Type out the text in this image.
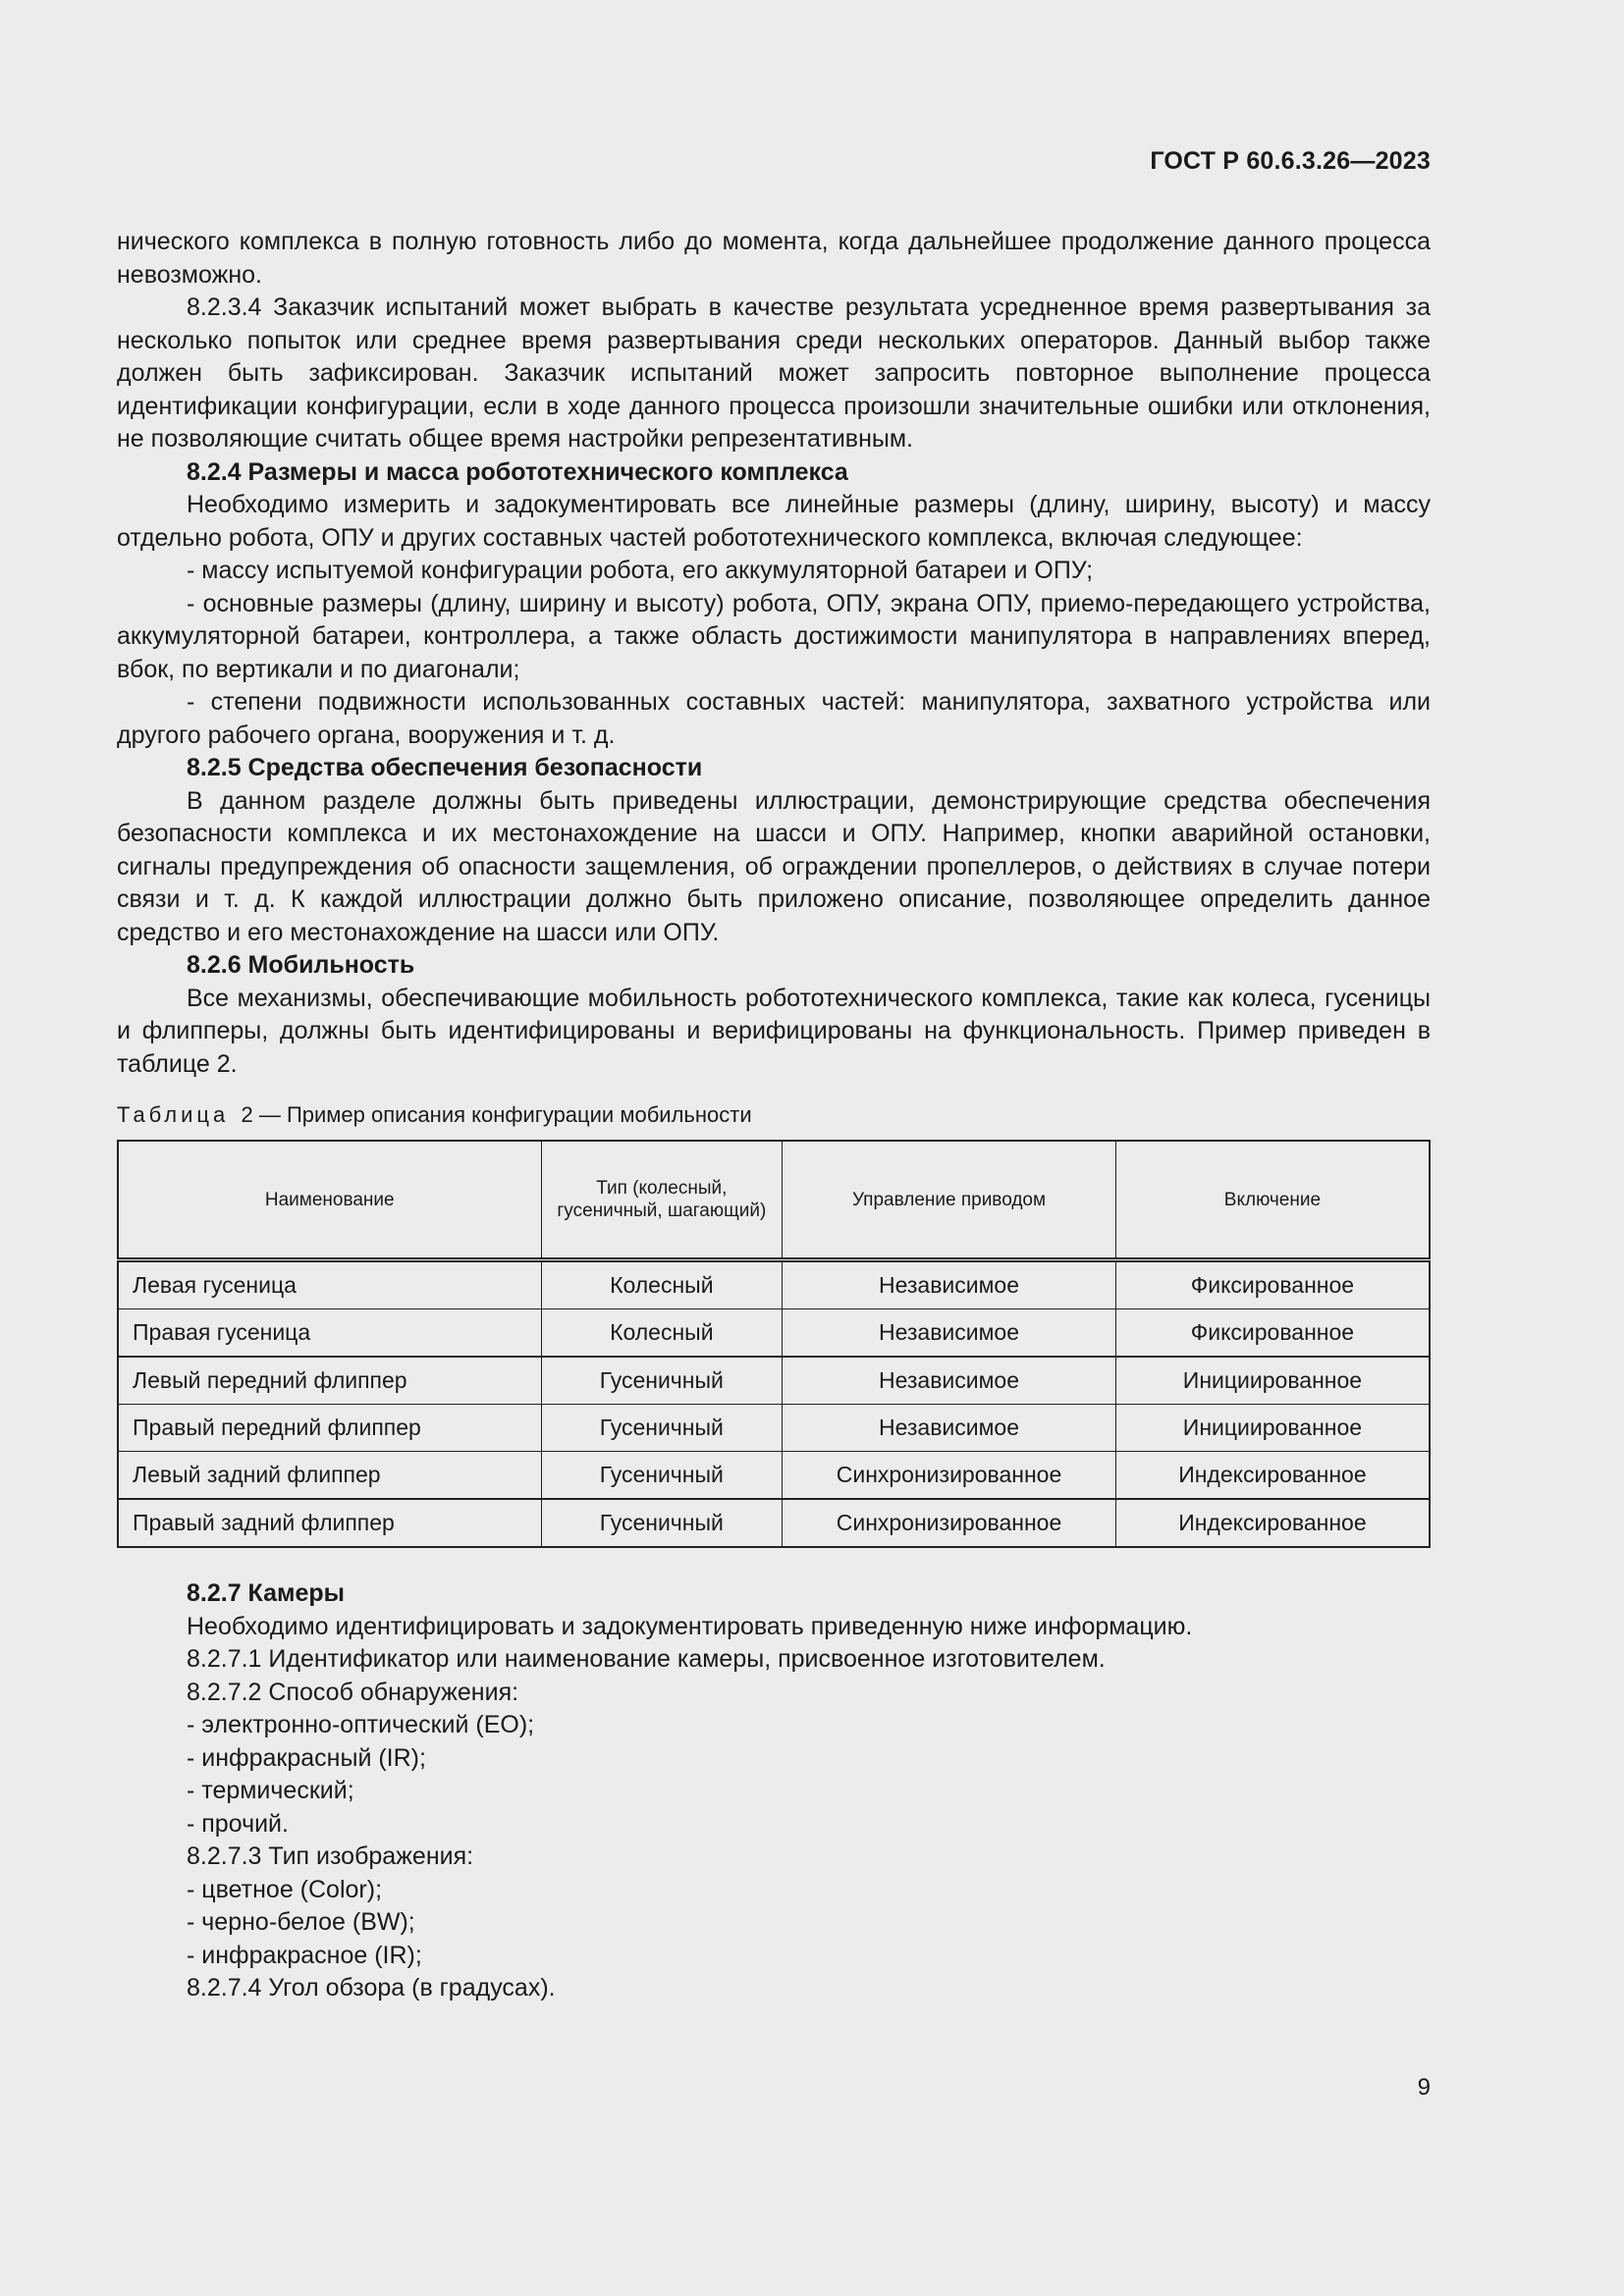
ГОСТ Р 60.6.3.26—2023

нического комплекса в полную готовность либо до момента, когда дальнейшее продолжение данного процесса невозможно.

8.2.3.4 Заказчик испытаний может выбрать в качестве результата усредненное время развертывания за несколько попыток или среднее время развертывания среди нескольких операторов. Данный выбор также должен быть зафиксирован. Заказчик испытаний может запросить повторное выполнение процесса идентификации конфигурации, если в ходе данного процесса произошли значительные ошибки или отклонения, не позволяющие считать общее время настройки репрезентативным.

8.2.4 Размеры и масса робототехнического комплекса

Необходимо измерить и задокументировать все линейные размеры (длину, ширину, высоту) и массу отдельно робота, ОПУ и других составных частей робототехнического комплекса, включая следующее:

- массу испытуемой конфигурации робота, его аккумуляторной батареи и ОПУ;

- основные размеры (длину, ширину и высоту) робота, ОПУ, экрана ОПУ, приемо-передающего устройства, аккумуляторной батареи, контроллера, а также область достижимости манипулятора в направлениях вперед, вбок, по вертикали и по диагонали;

- степени подвижности использованных составных частей: манипулятора, захватного устройства или другого рабочего органа, вооружения и т. д.

8.2.5 Средства обеспечения безопасности

В данном разделе должны быть приведены иллюстрации, демонстрирующие средства обеспечения безопасности комплекса и их местонахождение на шасси и ОПУ. Например, кнопки аварийной остановки, сигналы предупреждения об опасности защемления, об ограждении пропеллеров, о действиях в случае потери связи и т. д. К каждой иллюстрации должно быть приложено описание, позволяющее определить данное средство и его местонахождение на шасси или ОПУ.

8.2.6 Мобильность

Все механизмы, обеспечивающие мобильность робототехнического комплекса, такие как колеса, гусеницы и флипперы, должны быть идентифицированы и верифицированы на функциональность. Пример приведен в таблице 2.

Таблица 2 — Пример описания конфигурации мобильности
Наименование	Тип (колесный, гусеничный, шагающий)	Управление приводом	Включение
Левая гусеница	Колесный	Независимое	Фиксированное
Правая гусеница	Колесный	Независимое	Фиксированное
Левый передний флиппер	Гусеничный	Независимое	Инициированное
Правый передний флиппер	Гусеничный	Независимое	Инициированное
Левый задний флиппер	Гусеничный	Синхронизированное	Индексированное
Правый задний флиппер	Гусеничный	Синхронизированное	Индексированное

8.2.7 Камеры

Необходимо идентифицировать и задокументировать приведенную ниже информацию.

8.2.7.1 Идентификатор или наименование камеры, присвоенное изготовителем.

8.2.7.2 Способ обнаружения:

- электронно-оптический (EO);

- инфракрасный (IR);

- термический;

- прочий.

8.2.7.3 Тип изображения:

- цветное (Color);

- черно-белое (BW);

- инфракрасное (IR);

8.2.7.4 Угол обзора (в градусах).

9
